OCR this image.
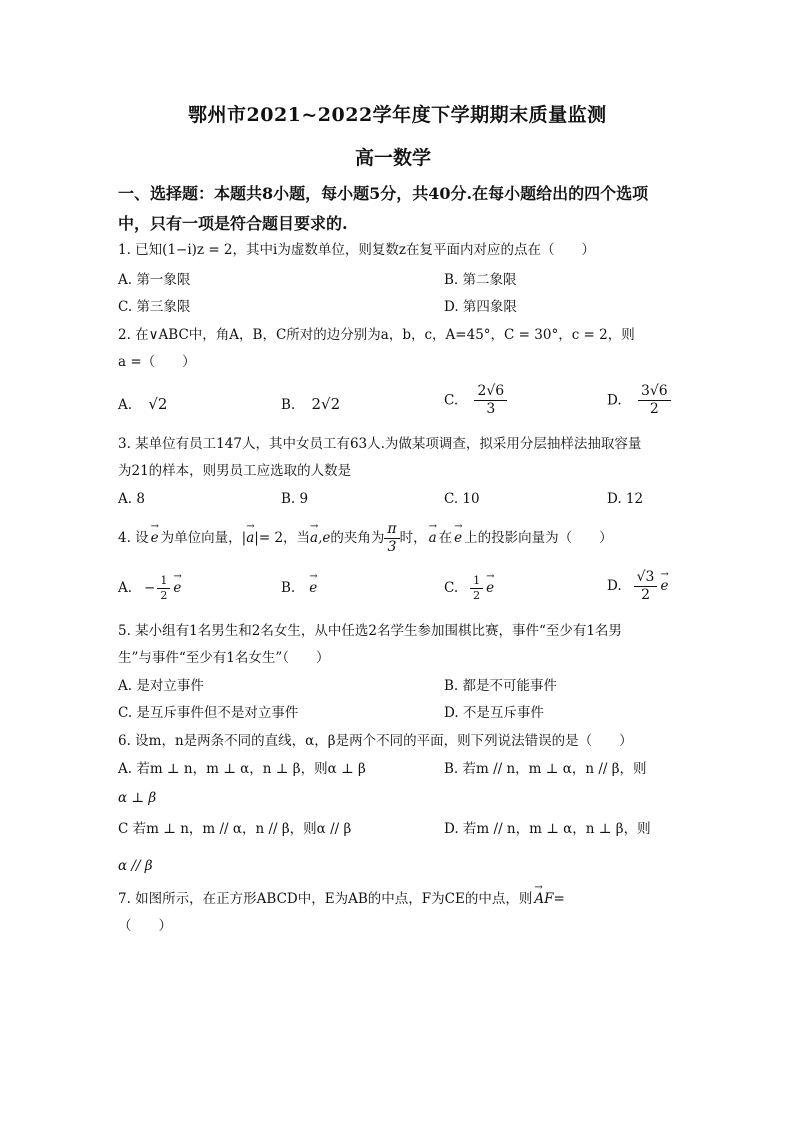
鄂州市2021~2022学年度下学期期末质量监测
高一数学
一、选择题：本题共8小题，每小题5分，共40分.在每小题给出的四个选项
中，只有一项是符合题目要求的.
1. 已知(1−i)z = 2，其中i为虚数单位，则复数z在复平面内对应的点在（　　）
A. 第一象限	B. 第二象限
C. 第三象限	D. 第四象限
2. 在∨ABC中，角A，B，C所对的边分别为a，b，c，A=45°，C = 30°，c = 2，则
a =（　　）
A. √2	B. 2√2	C. $\frac{2√6}{3}$	D. $\frac{3√6}{2}$
3. 某单位有员工147人，其中女员工有63人.为做某项调查，拟采用分层抽样法抽取容量
为21的样本，则男员工应选取的人数是
A. 8	B. 9	C. 10	D. 12
4. 设
→ e 为单位向量，|
→ a |= 2，当
→ a,e 的夹角为 $\frac{\pi}{3}$ 时，
→ a 在
→ e 上的投影向量为（　　）
A. − $\frac{1}{2}$
→ e	B.
→ e	C. $\frac{1}{2}$
→ e	D. $\frac{√3}{2}$
→ e
5. 某小组有1名男生和2名女生，从中任选2名学生参加围棋比赛，事件“至少有1名男
生”与事件“至少有1名女生”（　　）
A. 是对立事件	B. 都是不可能事件
C. 是互斥事件但不是对立事件	D. 不是互斥事件
6. 设m，n是两条不同的直线，α，β是两个不同的平面，则下列说法错误的是（　　）
A. 若m ⊥ n，m ⊥ α，n ⊥ β，则α ⊥ β	B. 若m // n，m ⊥ α，n // β，则
α ⊥ β
C 若m ⊥ n，m // α，n // β，则α // β	D. 若m // n，m ⊥ α，n ⊥ β，则
α // β
7. 如图所示，在正方形ABCD中，E为AB的中点，F为CE的中点，则
→ AF =
（　　）
